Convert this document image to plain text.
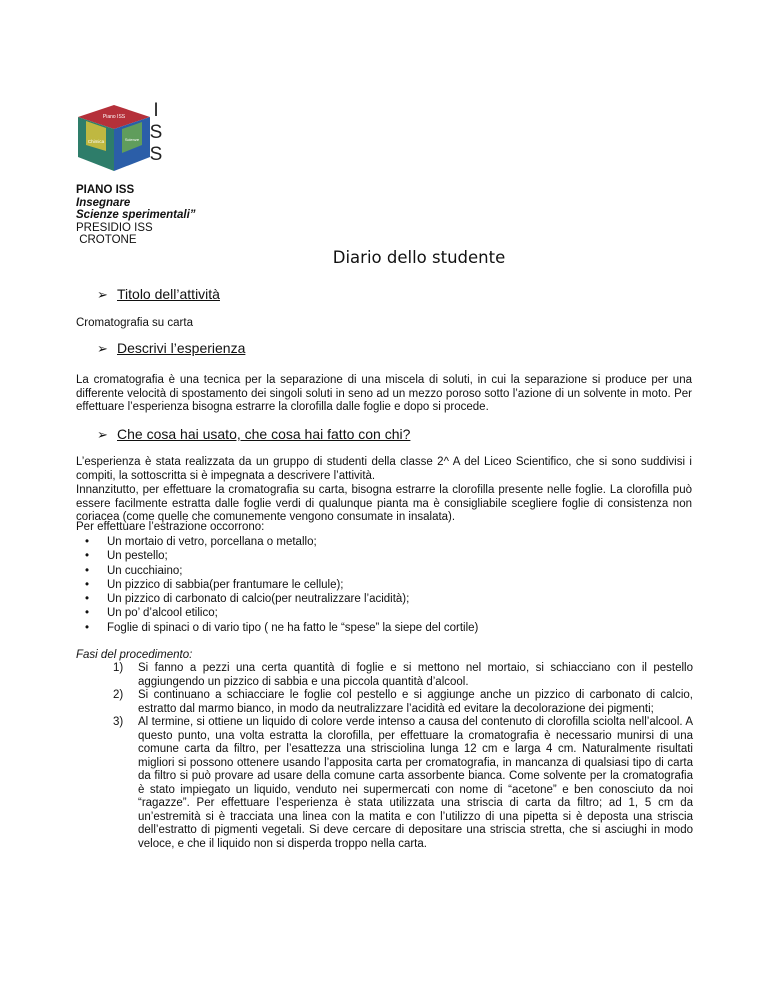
Piano ISS
Chimica	Scienze
I
S
S
PIANO ISS
Insegnare
Scienze sperimentali”
PRESIDIO ISS
CROTONE
Diario dello studente
➢ Titolo dell’attività
Cromatografia su carta
➢ Descrivi l’esperienza
La cromatografia è una tecnica per la separazione di una miscela di soluti, in cui la separazione si produce per una differente velocità di spostamento dei singoli soluti in seno ad un mezzo poroso sotto l’azione di un solvente in moto. Per effettuare l’esperienza bisogna estrarre la clorofilla dalle foglie e dopo si procede.
➢ Che cosa hai usato, che cosa hai fatto con chi?
L’esperienza è stata realizzata da un gruppo di studenti della classe 2^ A del Liceo Scientifico, che si sono suddivisi i compiti, la sottoscritta si è impegnata a descrivere l’attività.
Innanzitutto, per effettuare la cromatografia su carta, bisogna estrarre la clorofilla presente nelle foglie. La clorofilla può essere facilmente estratta dalle foglie verdi di qualunque pianta ma è consigliabile scegliere foglie di consistenza non coriacea (come quelle che comunemente vengono consumate in insalata).
Per effettuare l’estrazione occorrono:
• Un mortaio di vetro, porcellana o metallo;
• Un pestello;
• Un cucchiaino;
• Un pizzico di sabbia(per frantumare le cellule);
• Un pizzico di carbonato di calcio(per neutralizzare l’acidità);
• Un po’ d’alcool etilico;
• Foglie di spinaci o di vario tipo ( ne ha fatto le “spese” la siepe del cortile)
Fasi del procedimento:
1) Si fanno a pezzi una certa quantità di foglie e si mettono nel mortaio, si schiacciano con il pestello aggiungendo un pizzico di sabbia e una piccola quantità d’alcool.
2) Si continuano a schiacciare le foglie col pestello e si aggiunge anche un pizzico di carbonato di calcio, estratto dal marmo bianco, in modo da neutralizzare l’acidità ed evitare la decolorazione dei pigmenti;
3) Al termine, si ottiene un liquido di colore verde intenso a causa del contenuto di clorofilla sciolta nell’alcool. A questo punto, una volta estratta la clorofilla, per effettuare la cromatografia è necessario munirsi di una comune carta da filtro, per l’esattezza una strisciolina lunga 12 cm e larga 4 cm. Naturalmente risultati migliori si possono ottenere usando l’apposita carta per cromatografia, in mancanza di qualsiasi tipo di carta da filtro si può provare ad usare della comune carta assorbente bianca. Come solvente per la cromatografia è stato impiegato un liquido, venduto nei supermercati con nome di “acetone” e ben conosciuto da noi “ragazze”. Per effettuare l’esperienza è stata utilizzata una striscia di carta da filtro; ad 1, 5 cm da un’estremità si è tracciata una linea con la matita e con l’utilizzo di una pipetta si è deposta una striscia dell’estratto di pigmenti vegetali. Si deve cercare di depositare una striscia stretta, che si asciughi in modo veloce, e che il liquido non si disperda troppo nella carta.
